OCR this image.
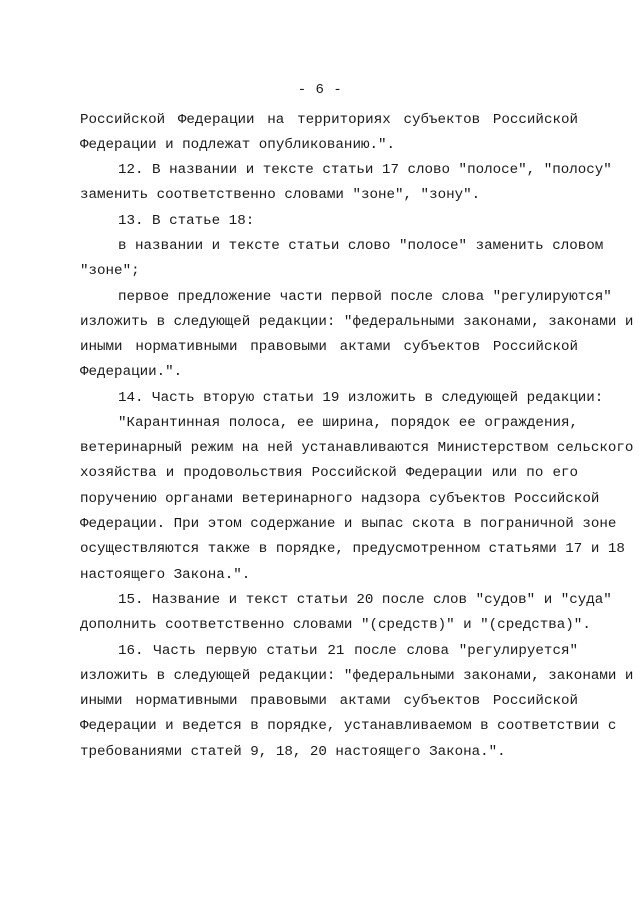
- 6 -
Российской Федерации на территориях субъектов Российской
Федерации и подлежат опубликованию.".
12. В названии и тексте статьи 17 слово "полосе", "полосу"
заменить соответственно словами "зоне", "зону".
13. В статье 18:
в названии и тексте статьи слово "полосе" заменить словом
"зоне";
первое предложение части первой после слова "регулируются"
изложить в следующей редакции: "федеральными законами, законами и
иными нормативными правовыми актами субъектов Российской
Федерации.".
14. Часть вторую статьи 19 изложить в следующей редакции:
"Карантинная полоса, ее ширина, порядок ее ограждения,
ветеринарный режим на ней устанавливаются Министерством сельского
хозяйства и продовольствия Российской Федерации или по его
поручению органами ветеринарного надзора субъектов Российской
Федерации. При этом содержание и выпас скота в пограничной зоне
осуществляются также в порядке, предусмотренном статьями 17 и 18
настоящего Закона.".
15. Название и текст статьи 20 после слов "судов" и "суда"
дополнить соответственно словами "(средств)" и "(средства)".
16. Часть первую статьи 21 после слова "регулируется"
изложить в следующей редакции: "федеральными законами, законами и
иными нормативными правовыми актами субъектов Российской
Федерации и ведется в порядке, устанавливаемом в соответствии с
требованиями статей 9, 18, 20 настоящего Закона.".
